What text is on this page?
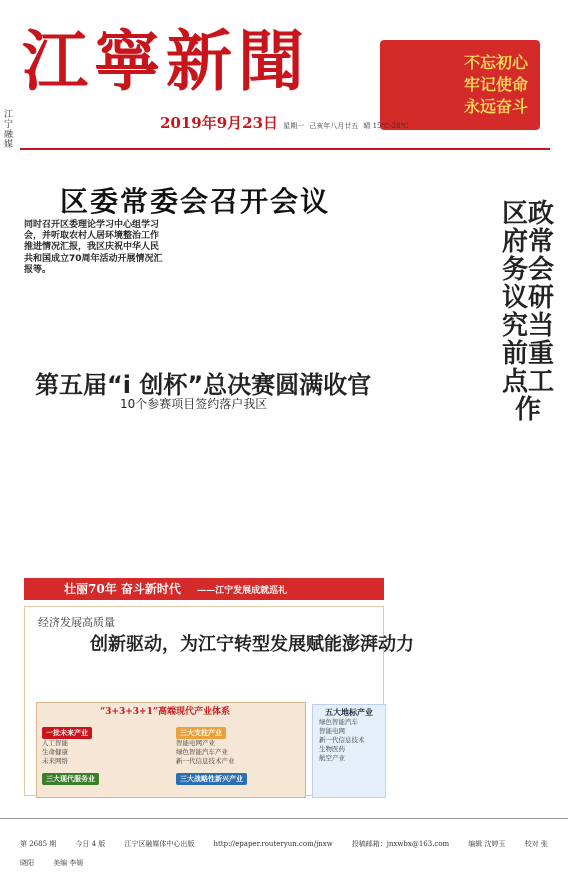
江寧新聞
江宁融媒
不忘初心
牢记使命
永远奋斗
2019年9月23日 星期一 己亥年八月廿五 晴 15℃-28℃
区委常委会召开会议	区政府常务会议研究当前重点工作
同时召开区委理论学习中心组学习会，并听取农村人居环境整治工作推进情况汇报，我区庆祝中华人民共和国成立70周年活动开展情况汇报等。
第五届“i 创杯”总决赛圆满收官
10个参赛项目签约落户我区
壮丽70年 奋斗新时代 ——江宁发展成就巡礼
经济发展高质量
创新驱动，为江宁转型发展赋能澎湃动力
“3+3+3+1”高端现代产业体系
一批未来产业
人工智能
生命健康
未来网络
三大现代服务业
三大支柱产业
智能电网产业
绿色智能汽车产业
新一代信息技术产业
三大战略性新兴产业
五大地标产业
绿色智能汽车
智能电网
新一代信息技术
生物医药
航空产业
第 2685 期	今日 4 版	江宁区融媒体中心出版	http://epaper.routeryun.com/jnxw	投稿邮箱：jnxwbx@163.com	编辑 沈婷玉	校对 张晓阳	美编 李媛
